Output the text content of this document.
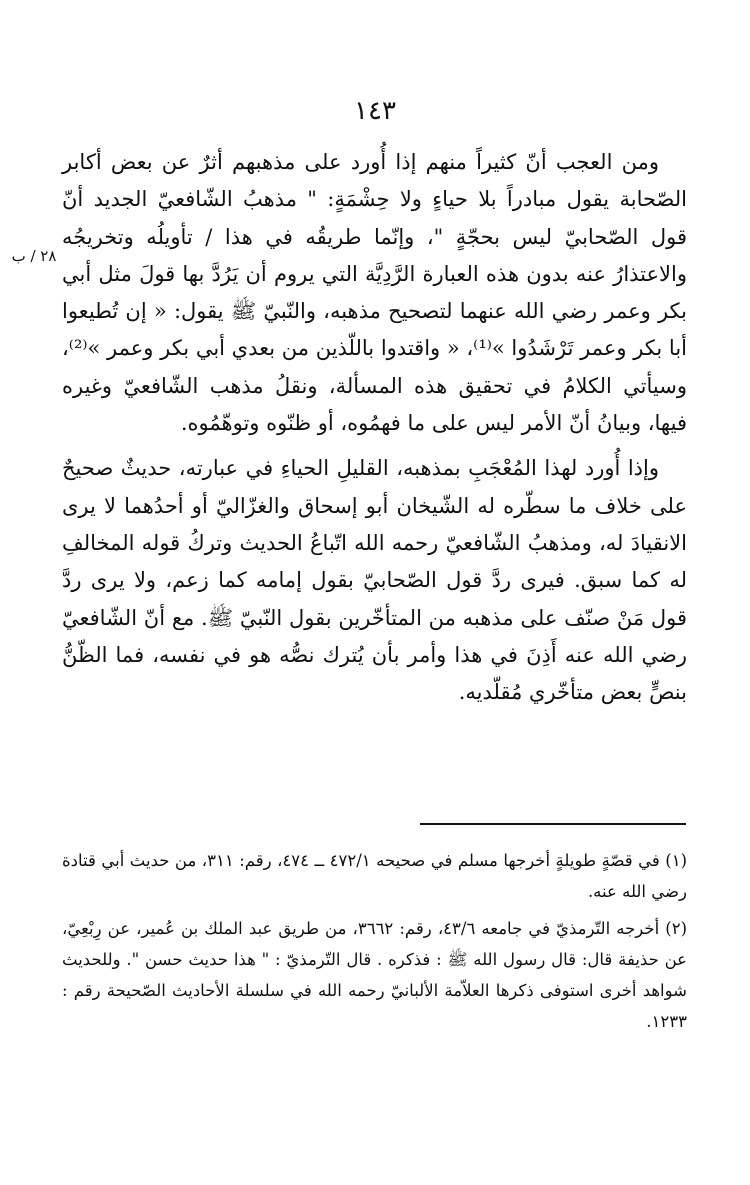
١٤٣
٢٨ / ب

ومن العجب أنّ كثيراً منهم إذا أُورد على مذهبهم أثرٌ عن بعض أكابر الصّحابة يقول مبادراً بلا حياءٍ ولا حِشْمَةٍ: " مذهبُ الشّافعيّ الجديد أنّ قول الصّحابيّ ليس بحجّةٍ "، وإنّما طريقُه في هذا / تأويلُه وتخريجُه والاعتذارُ عنه بدون هذه العبارة الرَّدِيَّة التي يروم أن يَرُدَّ بها قولَ مثل أبي بكر وعمر رضي الله عنهما لتصحيح مذهبه، والنّبيّ ﷺ يقول: « إن تُطيعوا أبا بكر وعمر تَرْشَدُوا »⁽¹⁾، « واقتدوا باللّذين من بعدي أبي بكر وعمر »⁽²⁾، وسيأتي الكلامُ في تحقيق هذه المسألة، ونقلُ مذهب الشّافعيّ وغيره فيها، وبيانُ أنّ الأمر ليس على ما فهمُوه، أو ظنّوه وتوهّمُوه.

وإذا أُورد لهذا المُعْجَبِ بمذهبه، القليلِ الحياءِ في عبارته، حديثٌ صحيحٌ على خلاف ما سطّره له الشّيخان أبو إسحاق والغزّاليّ أو أحدُهما لا يرى الانقيادَ له، ومذهبُ الشّافعيّ رحمه الله اتّباعُ الحديث وتركُ قوله المخالفِ له كما سبق. فيرى ردَّ قول الصّحابيّ بقول إمامه كما زعم، ولا يرى ردَّ قول مَنْ صنّف على مذهبه من المتأخّرين بقول النّبيّ ﷺ. مع أنّ الشّافعيّ رضي الله عنه أَذِنَ في هذا وأمر بأن يُترك نصُّه هو في نفسه، فما الظّنُّ بنصٍّ بعض متأخّري مُقلّديه.

(١) في قصّةٍ طويلةٍ أخرجها مسلم في صحيحه ٤٧٢/١ ــ ٤٧٤، رقم: ٣١١، من حديث أبي قتادة رضي الله عنه.

(٢) أخرجه التّرمذيّ في جامعه ٤٣/٦، رقم: ٣٦٦٢، من طريق عبد الملك بن عُمير، عن رِبْعِيّ، عن حذيفة قال: قال رسول الله ﷺ : فذكره . قال التّرمذيّ : " هذا حديث حسن ". وللحديث شواهد أخرى استوفى ذكرها العلاّمة الألبانيّ رحمه الله في سلسلة الأحاديث الصّحيحة رقم : ١٢٣٣.
